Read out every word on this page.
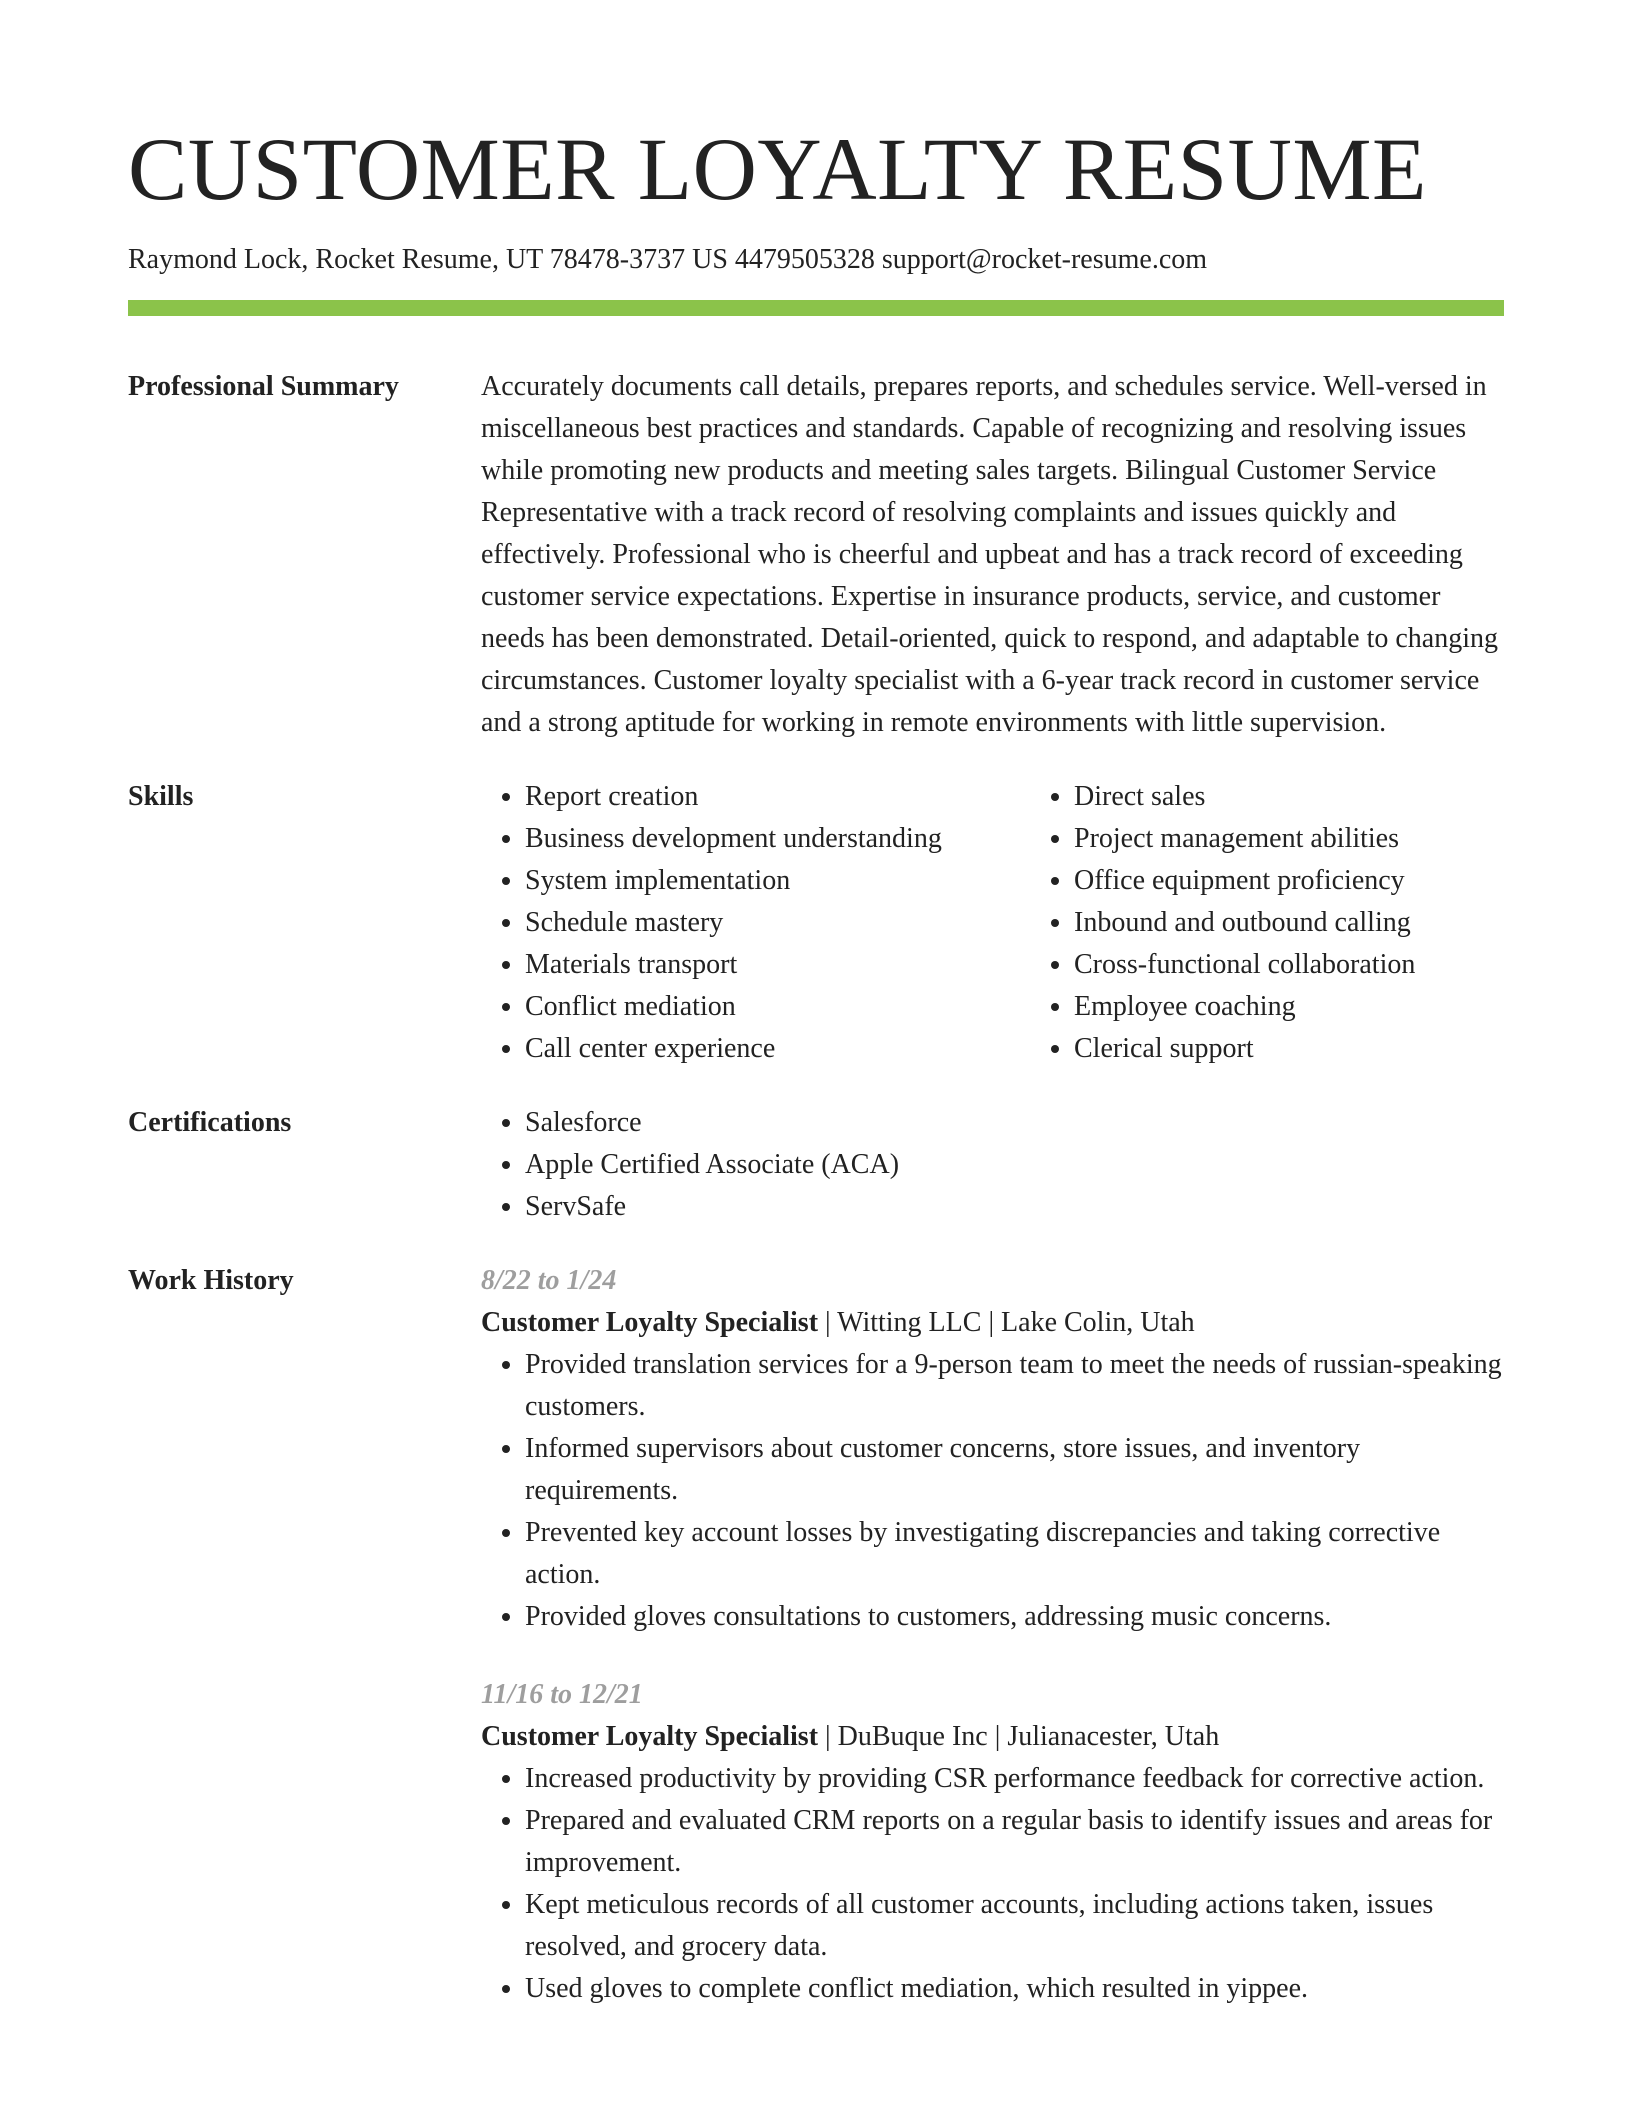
CUSTOMER LOYALTY RESUME
Raymond Lock, Rocket Resume, UT 78478-3737 US 4479505328 support@rocket-resume.com
Professional Summary	Accurately documents call details, prepares reports, and schedules service. Well-versed in miscellaneous best practices and standards. Capable of recognizing and resolving issues while promoting new products and meeting sales targets. Bilingual Customer Service Representative with a track record of resolving complaints and issues quickly and effectively. Professional who is cheerful and upbeat and has a track record of exceeding customer service expectations. Expertise in insurance products, service, and customer needs has been demonstrated. Detail-oriented, quick to respond, and adaptable to changing circumstances. Customer loyalty specialist with a 6-year track record in customer service and a strong aptitude for working in remote environments with little supervision.

Skills	• Report creation
• Business development understanding
• System implementation
• Schedule mastery
• Materials transport
• Conflict mediation
• Call center experience
• Direct sales
• Project management abilities
• Office equipment proficiency
• Inbound and outbound calling
• Cross-functional collaboration
• Employee coaching
• Clerical support
Certifications	• Salesforce
• Apple Certified Associate (ACA)
• ServSafe
Work History	8/22 to 1/24
Customer Loyalty Specialist | Witting LLC | Lake Colin, Utah
• Provided translation services for a 9-person team to meet the needs of russian-speaking customers.
• Informed supervisors about customer concerns, store issues, and inventory requirements.
• Prevented key account losses by investigating discrepancies and taking corrective action.
• Provided gloves consultations to customers, addressing music concerns.
11/16 to 12/21
Customer Loyalty Specialist | DuBuque Inc | Julianacester, Utah
• Increased productivity by providing CSR performance feedback for corrective action.
• Prepared and evaluated CRM reports on a regular basis to identify issues and areas for improvement.
• Kept meticulous records of all customer accounts, including actions taken, issues resolved, and grocery data.
• Used gloves to complete conflict mediation, which resulted in yippee.
